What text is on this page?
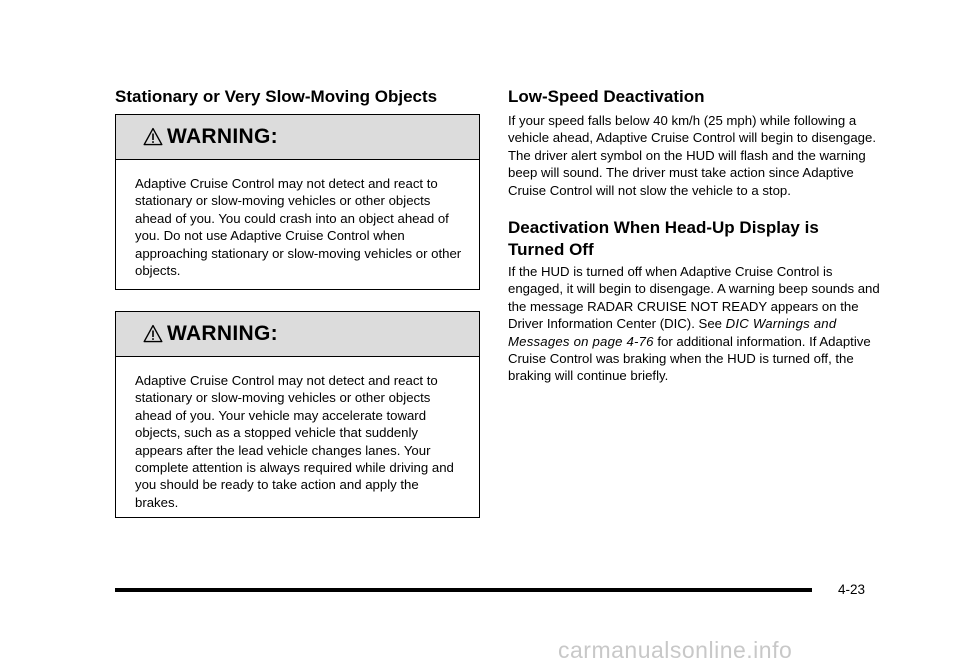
Stationary or Very Slow-Moving Objects
WARNING:
Adaptive Cruise Control may not detect and react to stationary or slow-moving vehicles or other objects ahead of you. You could crash into an object ahead of you. Do not use Adaptive Cruise Control when approaching stationary or slow-moving vehicles or other objects.
WARNING:
Adaptive Cruise Control may not detect and react to stationary or slow-moving vehicles or other objects ahead of you. Your vehicle may accelerate toward objects, such as a stopped vehicle that suddenly appears after the lead vehicle changes lanes. Your complete attention is always required while driving and you should be ready to take action and apply the brakes.
Low-Speed Deactivation

If your speed falls below 40 km/h (25 mph) while following a vehicle ahead, Adaptive Cruise Control will begin to disengage. The driver alert symbol on the HUD will flash and the warning beep will sound. The driver must take action since Adaptive Cruise Control will not slow the vehicle to a stop.

Deactivation When Head-Up Display is
Turned Off

If the HUD is turned off when Adaptive Cruise Control is engaged, it will begin to disengage. A warning beep sounds and the message RADAR CRUISE NOT READY appears on the Driver Information Center (DIC). See DIC Warnings and Messages on page 4-76 for additional information. If Adaptive Cruise Control was braking when the HUD is turned off, the braking will continue briefly.

4-23
carmanualsonline.info
